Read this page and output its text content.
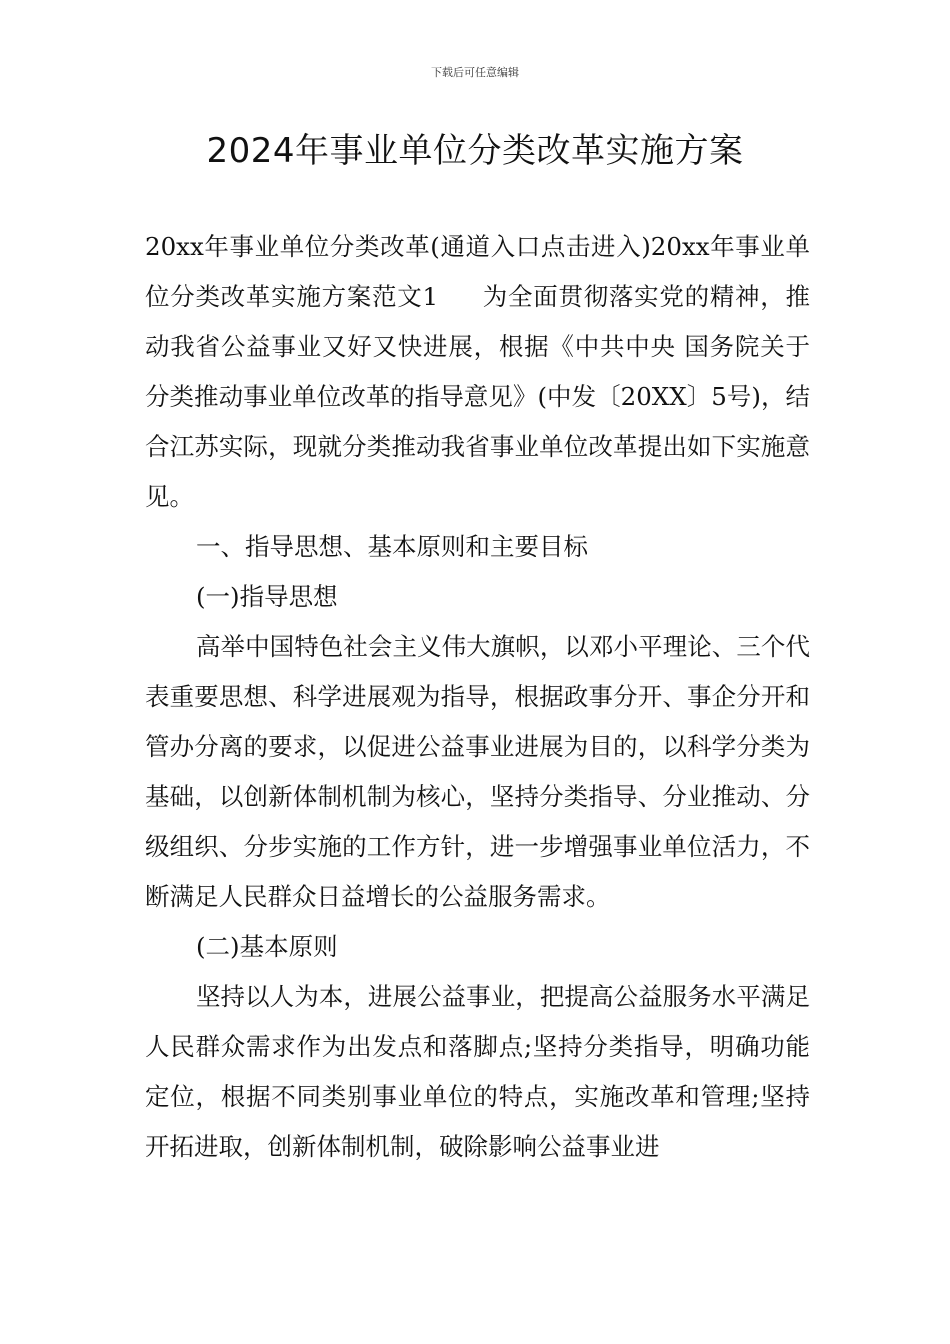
下载后可任意编辑
2024年事业单位分类改革实施方案

20xx年事业单位分类改革(通道入口点击进入)20xx年事业单位分类改革实施方案范文1 为全面贯彻落实党的精神，推动我省公益事业又好又快进展，根据《中共中央 国务院关于分类推动事业单位改革的指导意见》(中发〔20XX〕5号)，结合江苏实际，现就分类推动我省事业单位改革提出如下实施意见。

一、指导思想、基本原则和主要目标

(一)指导思想

高举中国特色社会主义伟大旗帜，以邓小平理论、三个代表重要思想、科学进展观为指导，根据政事分开、事企分开和管办分离的要求，以促进公益事业进展为目的，以科学分类为基础，以创新体制机制为核心，坚持分类指导、分业推动、分级组织、分步实施的工作方针，进一步增强事业单位活力，不断满足人民群众日益增长的公益服务需求。

(二)基本原则

坚持以人为本，进展公益事业，把提高公益服务水平满足人民群众需求作为出发点和落脚点;坚持分类指导，明确功能定位，根据不同类别事业单位的特点，实施改革和管理;坚持开拓进取，创新体制机制，破除影响公益事业进
